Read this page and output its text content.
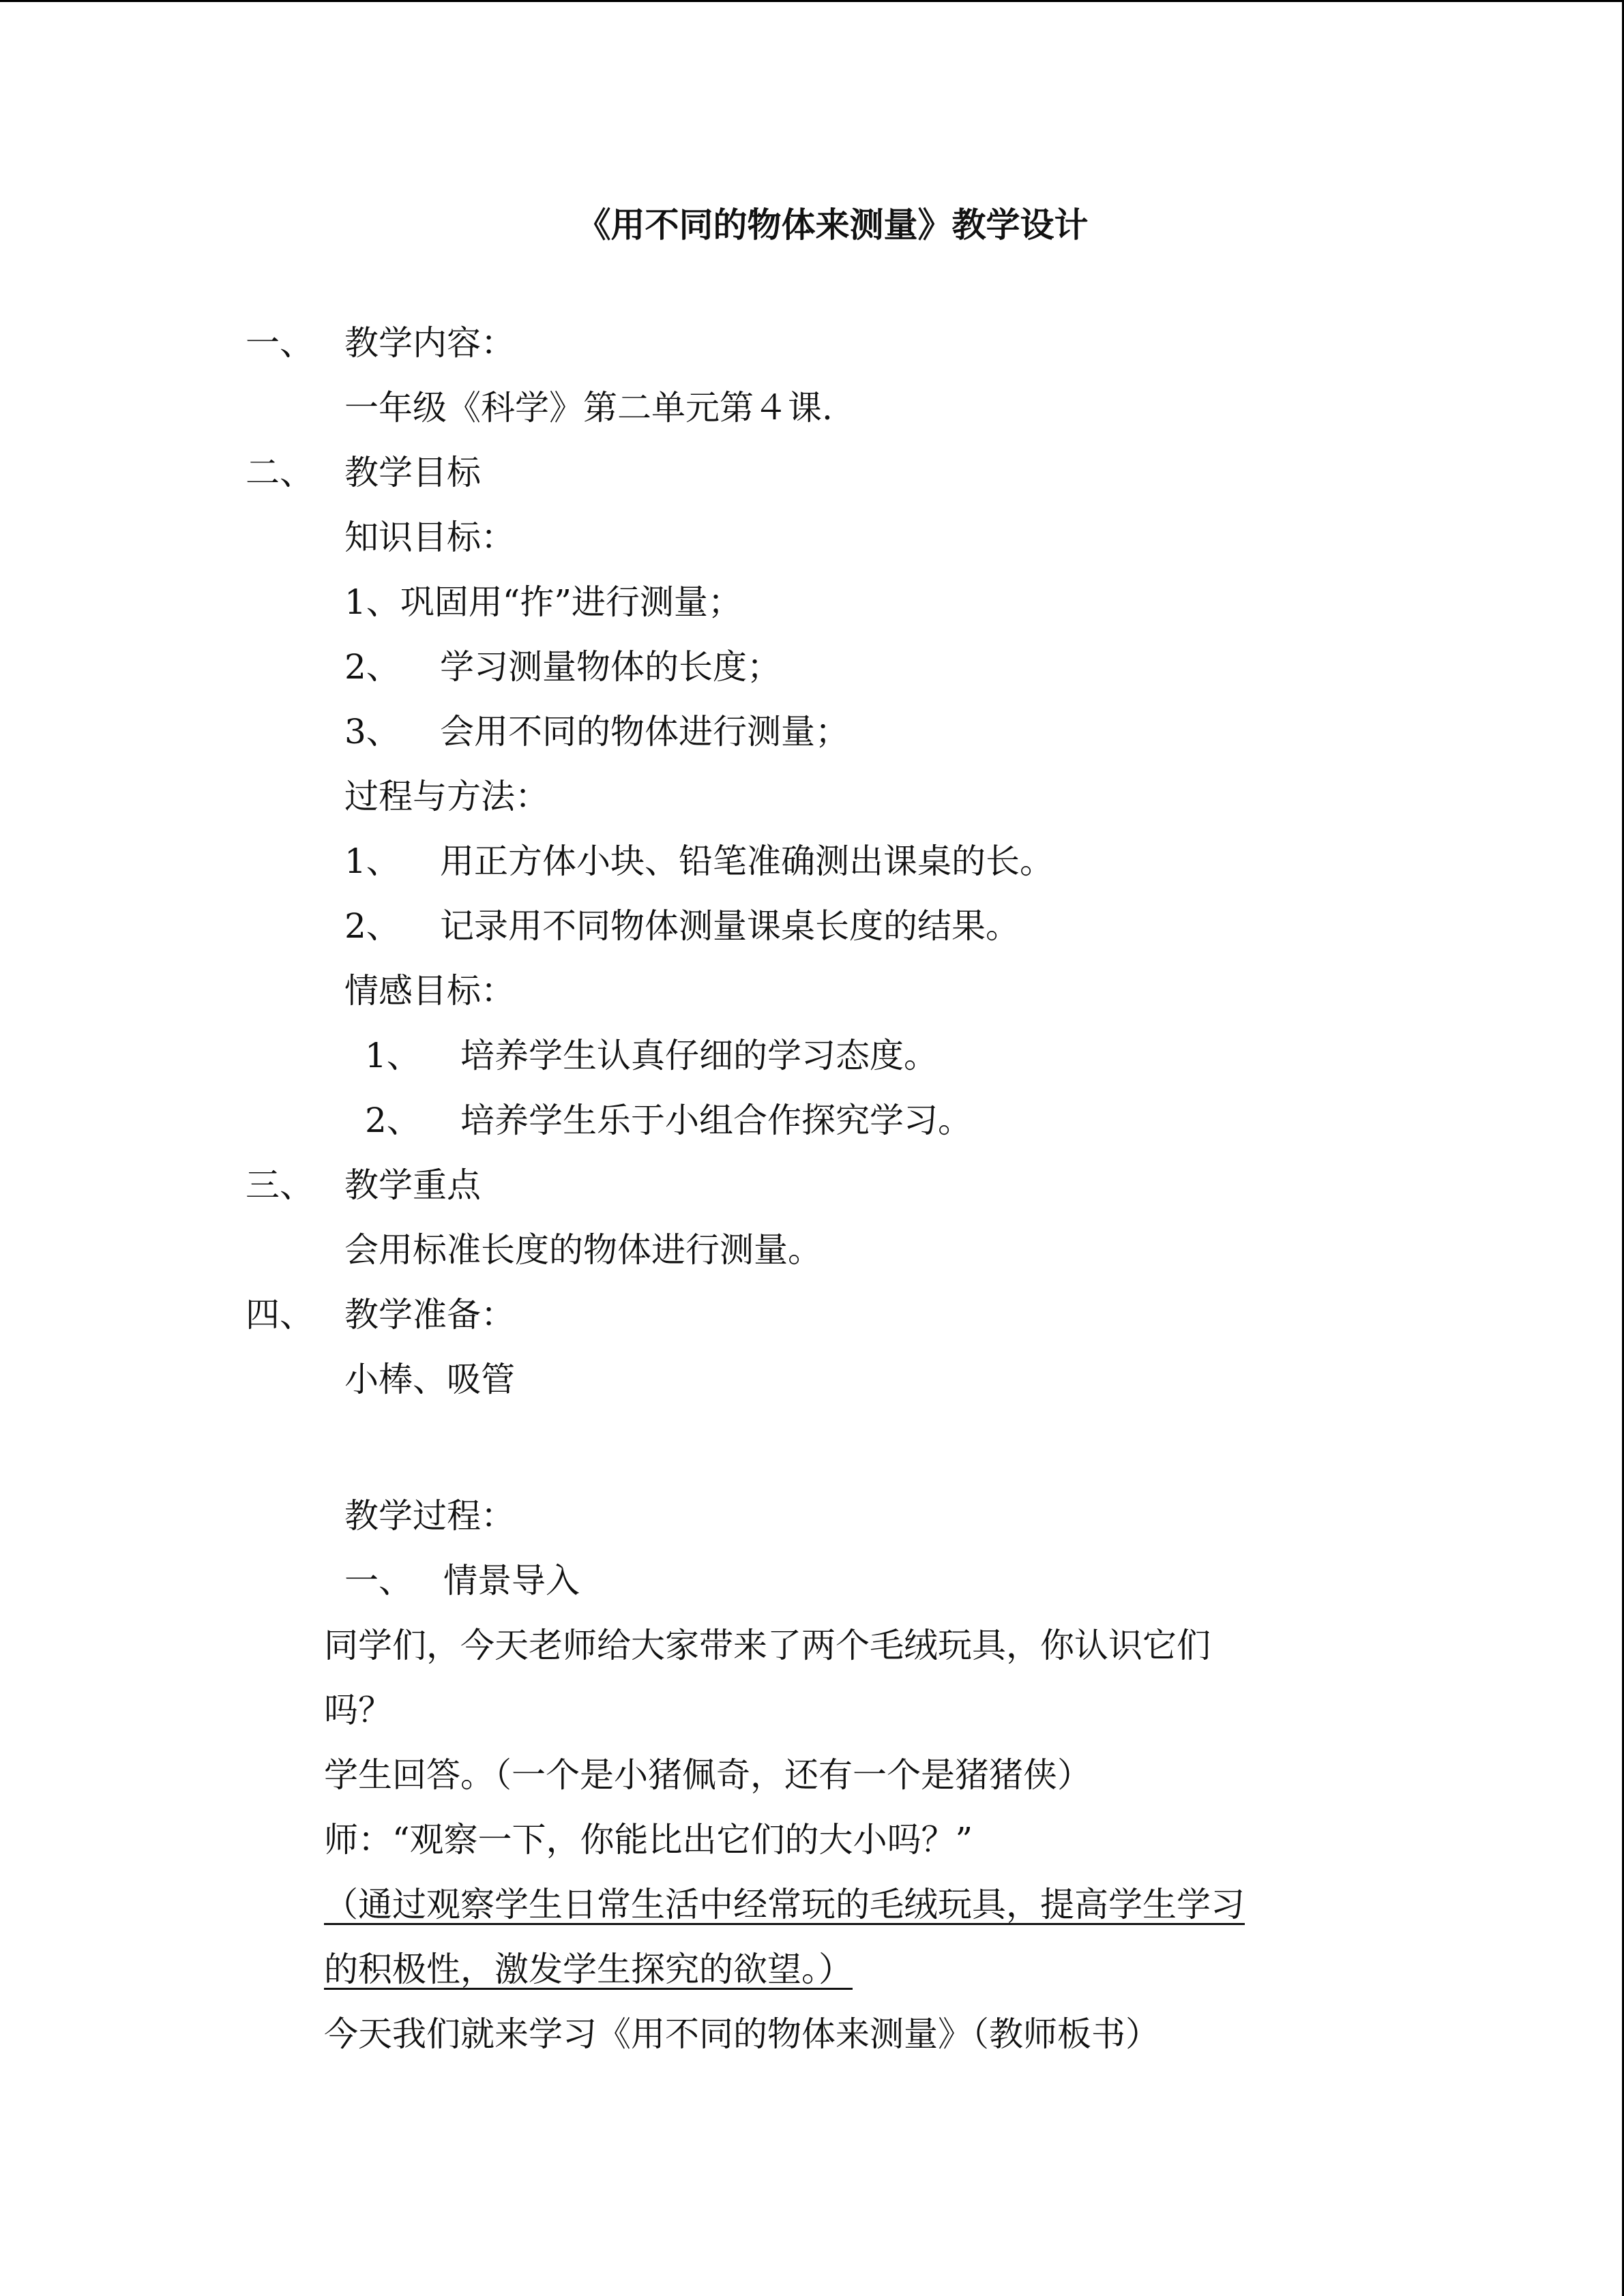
《用不同的物体来测量》教学设计
一、 教学内容：
一年级《科学》第二单元第４课.
二、 教学目标
知识目标：
1、巩固用“拃”进行测量；
2、 学习测量物体的长度；
3、 会用不同的物体进行测量；
过程与方法：
1、 用正方体小块、铅笔准确测出课桌的长。
2、 记录用不同物体测量课桌长度的结果。
情感目标：
1、 培养学生认真仔细的学习态度。
2、 培养学生乐于小组合作探究学习。
三、 教学重点
会用标准长度的物体进行测量。
四、 教学准备：
小棒、吸管
教学过程：
一、 情景导入
同学们，今天老师给大家带来了两个毛绒玩具，你认识它们
吗？
学生回答。（一个是小猪佩奇，还有一个是猪猪侠）
师：“观察一下，你能比出它们的大小吗？”
（通过观察学生日常生活中经常玩的毛绒玩具，提高学生学习
的积极性，激发学生探究的欲望。）
今天我们就来学习《用不同的物体来测量》（教师板书）
